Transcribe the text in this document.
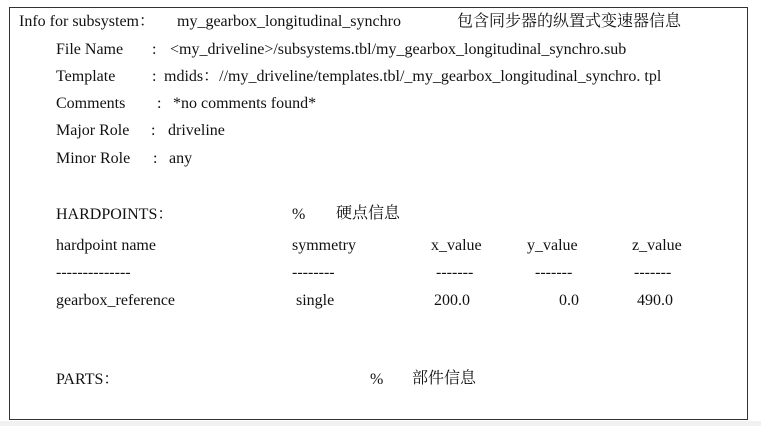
Info for subsystem： my_gearbox_longitudinal_synchro	包含同步器的纵置式变速器信息
File Name : <my_driveline>/subsystems.tbl/my_gearbox_longitudinal_synchro.sub
Template : mdids：//my_driveline/templates.tbl/_my_gearbox_longitudinal_synchro. tpl
Comments : *no comments found*
Major Role : driveline
Minor Role : any
HARDPOINTS：	% 硬点信息
hardpoint name	symmetry	x_value	y_value	z_value
--------------	--------	-------	-------	-------
gearbox_reference	single	200.0	0.0	490.0
PARTS：	% 部件信息
